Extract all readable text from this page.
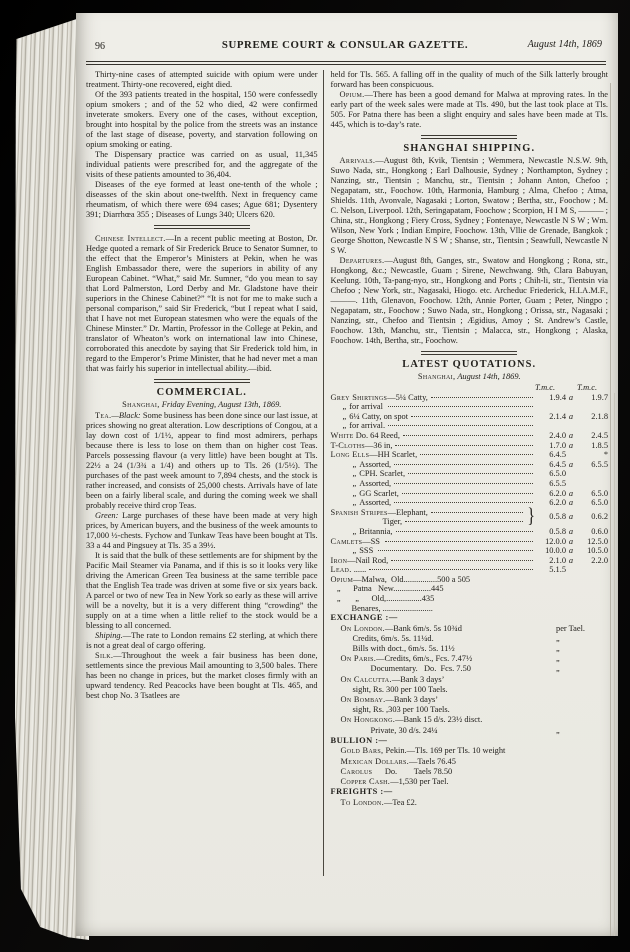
96	SUPREME COURT & CONSULAR GAZETTE.	August 14th, 1869

Thirty-nine cases of attempted suicide with opium were under treatment. Thirty-one recovered, eight died.

Of the 393 patients treated in the hospital, 150 were confessedly opium smokers ; and of the 52 who died, 42 were confirmed inveterate smokers. Every one of the cases, without exception, brought into hospital by the police from the streets was an instance of the last stage of disease, poverty, and starvation following on opium smoking or eating.

The Dispensary practice was carried on as usual, 11,345 individual patients were prescribed for, and the aggregate of the visits of these patients amounted to 36,404.

Diseases of the eye formed at least one-tenth of the whole ; diseasses of the skin about one-twelfth. Next in frequency came rheumatism, of which there were 694 cases; Ague 681; Dysentery 391; Diarrhœa 355 ; Diseases of Lungs 340; Ulcers 620.

Chinese Intellect.—In a recent public meeting at Boston, Dr. Hedge quoted a remark of Sir Frederick Bruce to Senator Sumner, to the effect that the Emperor’s Ministers at Pekin, when he was English Embassador there, were the superiors in ability of any European Cabinet. “What,” said Mr. Sumner, “do you mean to say that Lord Palmerston, Lord Derby and Mr. Gladstone have their superiors in the Chinese Cabinet?” “It is not for me to make such a personal comparison,” said Sir Frederick, “but I repeat what I said, that I have not met European statesmen who were the equals of the Chinese Minster.” Dr. Martin, Professor in the College at Pekin, and translator of Wheaton’s work on international law into Chinese, corroborated this anecdote by saying that Sir Frederick told him, in regard to the Emperor’s Prime Minister, that he had never met a man that was fairly his superior in intellectual ability.—ibid.

COMMERCIAL.
Shanghai, Friday Evening, August 13th, 1869.

Tea.—Black: Some business has been done since our last issue, at prices showing no great alteration. Low descriptions of Congou, at a lay down cost of 1/1½, appear to find most admirers, perhaps because there is less to lose on them than on higher cost Teas. Parcels possessing flavour (a very little) have been bought at Tls. 22½ a 24 (1/3¾ a 1/4) and others up to Tls. 26 (1/5½). The purchases of the past week amount to 7,894 chests, and the stock is rather increased, and consists of 25,000 chests. Arrivals have of late been on a fairly liberal scale, and during the coming week we shall probably receive third crop Teas.

Green: Large purchases of these have been made at very high prices, by American buyers, and the business of the week amounts to 17,000 ½-chests. Fychow and Tunkaw Teas have been bought at Tls. 33 a 44 and Pingsuey at Tls. 35 a 39½.

It is said that the bulk of these settlements are for shipment by the Pacific Mail Steamer via Panama, and if this is so it looks very like driving the American Green Tea business at the same terrible pace that the English Tea trade was driven at some five or six years back. A parcel or two of new Tea in New York so early as these will arrive will be a novelty, but it is a very different thing “crowding” the supply on at a time when a little relief to the stock would be a blessing to all concerned.

Shiping.—The rate to London remains £2 sterling, at which there is not a great deal of cargo offering.

Silk.—Throughout the week a fair business has been done, settlements since the previous Mail amounting to 3,500 bales. There has been no change in prices, but the market closes firmly with an upward tendency. Red Peacocks have been bought at Tls. 465, and best chop No. 3 Tsatlees are

held for Tls. 565. A falling off in the quality of much of the Silk latterly brought forward has been conspicuous.

Opium.—There has been a good demand for Malwa at mproving rates. In the early part of the week sales were made at Tls. 490, but the last took place at Tls. 505. For Patna there has been a slight enquiry and sales have been made at Tls. 445, which is to-day’s rate.

SHANGHAI SHIPPING.

Arrivals.—August 8th, Kvik, Tientsin ; Wemmera, Newcastle N.S.W. 9th, Suwo Nada, str., Hongkong ; Earl Dalhousie, Sydney ; Northampton, Sydney ; Nanzing, str., Tientsin ; Manchu, str., Tientsin ; Johann Anton, Chefoo ; Negapatam, str., Foochow. 10th, Harmonia, Hamburg ; Alma, Chefoo ; Atma, Shields. 11th, Avonvale, Nagasaki ; Lorton, Swatow ; Bertha, str., Foochow ; M. C. Nelson, Liverpool. 12th, Seringapatam, Foochow ; Scorpion, H I M S, ——— ; China, str., Hongkong ; Fiery Cross, Sydney ; Fontenaye, Newcastle N S W ; Wm. Wilson, New York ; Indian Empire, Foochow. 13th, Vllie de Grenade, Bangkok ; George Shotton, Newcastle N S W ; Shanse, str., Tientsin ; Seawfull, Newcastle N S W.

Departures.—August 8th, Ganges, str., Swatow and Hongkong ; Rona, str., Hongkong, &c.; Newcastle, Guam ; Sirene, Newchwang. 9th, Clara Babuyan, Keelung. 10th, Ta-pang-nyo, str., Hongkong and Ports ; Chih-li, str., Tientsin via Chefoo ; New York, str., Nagasaki, Hiogo. etc. Archeduc Friederick, H.I.A.M.F., ———. 11th, Glenavon, Foochow. 12th, Annie Porter, Guam ; Peter, Ningpo ; Negapatam, str., Foochow ; Suwo Nada, str., Hongkong ; Orissa, str., Nagasaki ; Nanzing, str., Chefoo and Tientsin ; Ægidius, Amoy ; St. Andrew’s Castle, Foochow. 13th, Manchu, str., Tientsin ; Malacca, str., Hongkong ; Alaska, Foochow. 14th, Bertha, str., Foochow.

LATEST QUOTATIONS.
Shanghai, August 14th, 1869.
T.m.c.	T.m.c.
Grey Shirtings —5¼ Catty,	1.9.4 a	1.9.7
„ for arrival
„ 6¼ Catty, on spot	2.1.4 a	2.1.8
„ for arrival.
White Do. 64 Reed,	2.4.0 a	2.4.5
T-Cloths —36 in,	1.7.0 a	1.8.5
Long Ells —HH Scarlet,	6.4.5	*
„ Assorted,	6.4.5 a	6.5.5
„ CPH. Scarlet,	6.5.0
„ Assorted,	6.5.5
„ GG Scarlet,	6.2.0 a	6.5.0
„ Assorted,	6.2.0 a	6.5.0
Spanish Stripes —Elephant,
Tiger,	}	0.5.8 a	0.6.2
„ Britannia,	0.5.8 a	0.6.0
Camlets —SS	12.0.0 a	12.5.0
„ SSS	10.0.0 a	10.5.0
Iron —Nail Rod,	2.1.0 a	2.2.0
Lead. ......	5.1.5
Opium—Malwa,  Old................500 a 505
„      Patna   New..................445
„       „      Old,.................435
Benares, ........................
EXCHANGE :—
On London.—Bank 6m/s. 5s 10¾d	per Tael.
Credits, 6m/s. 5s. 11¼d.	„
Bills with doct., 6m/s. 5s. 11½	„
On Paris.—Credits, 6m/s., Fcs. 7.47½	„
Documentary.   Do.  Fcs. 7.50	„
On Calcutta.—Bank 3 days’
sight, Rs. 300 per 100 Taels.
On Bombay.—Bank 3 days’
sight, Rs. ,303 per 100 Taels.
On Hongkong.—Bank 15 d/s. 23½ disct.
Private, 30 d/s. 24¼	„
BULLION :—
Gold Bars, Pekin.—Tls. 169 per Tls. 10 weight
Mexican Dollars.—Taels 76.45
Carolus      Do.        Taels 78.50
Copper Cash.—1,530 per Tael.
FREIGHTS :—
To London.—Tea £2.
